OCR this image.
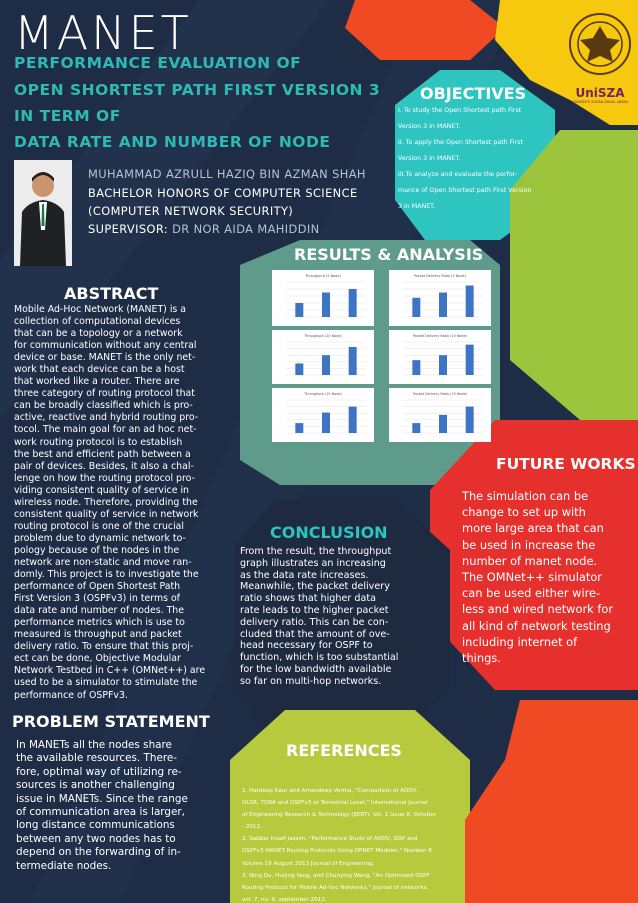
MANET
PERFORMANCE EVALUATION OF
OPEN SHORTEST PATH FIRST VERSION 3
IN TERM OF
DATA RATE AND NUMBER OF NODE
MUHAMMAD AZRULL HAZIQ BIN AZMAN SHAH
BACHELOR HONORS OF COMPUTER SCIENCE
(COMPUTER NETWORK SECURITY)
SUPERVISOR: DR NOR AIDA MAHIDDIN
UniSZA
UNIVERSITI SULTAN ZAINAL ABIDIN
OBJECTIVES
I. To study the Open Shortest path First
Version 3 in MANET.
II. To apply the Open Shortest path First
Version 3 in MANET.
III.To analyze and evaluate the perfor-
mance of Open Shortest path First Version
3 in MANET.
RESULTS & ANALYSIS
Throughput (5 Node)	Packet Delivery Ratio (5 Node)
Throughput (10 Node)	Packet Delivery Ratio (10 Node)
Throughput (15 Node)	Packet Delivery Ratio (15 Node)
ABSTRACT
Mobile Ad-Hoc Network (MANET) is a
collection of computational devices
that can be a topology or a network
for communication without any central
device or base. MANET is the only net-
work that each device can be a host
that worked like a router. There are
three category of routing protocol that
can be broadly classified which is pro-
active, reactive and hybrid routing pro-
tocol. The main goal for an ad hoc net-
work routing protocol is to establish
the best and efficient path between a
pair of devices. Besides, it also a chal-
lenge on how the routing protocol pro-
viding consistent quality of service in
wireless node. Therefore, providing the
consistent quality of service in network
routing protocol is one of the crucial
problem due to dynamic network to-
pology because of the nodes in the
network are non-static and move ran-
domly. This project is to investigate the
performance of Open Shortest Path
First Version 3 (OSPFv3) in terms of
data rate and number of nodes. The
performance metrics which is use to
measured is throughput and packet
delivery ratio. To ensure that this proj-
ect can be done, Objective Modular
Network Testbed in C++ (OMNet++) are
used to be a simulator to stimulate the
performance of OSPFv3.
PROBLEM STATEMENT
In MANETs all the nodes share
the available resources. There-
fore, optimal way of utilizing re-
sources is another challenging
issue in MANETs. Since the range
of communication area is larger,
long distance communications
between any two nodes has to
depend on the forwarding of in-
termediate nodes.
CONCLUSION
From the result, the throughput
graph illustrates an increasing
as the data rate increases.
Meanwhile, the packet delivery
ratio shows that higher data
rate leads to the higher packet
delivery ratio. This can be con-
cluded that the amount of ove-
head necessary for OSPF to
function, which is too substantial
for the low bandwidth available
so far on multi-hop networks.
FUTURE WORKS
The simulation can be
change to set up with
more large area that can
be used in increase the
number of manet node.
The OMNet++ simulator
can be used either wire-
less and wired network for
all kind of network testing
including internet of
things.
REFERENCES
1. Hardeep Kaur and Amandeep Verma, "Comparison of AODV,
OLSR, TORA and OSPFv3 at Terrestrial Level," International Journal
of Engineering Research & Technology (IJERT). Vol. 1 Issue 8, October
- 2012.
2. Sabbar Insaif Jassim, "Performance Study of AODV, GRP and
OSPFv3 MANET Routing Protocols Using OPNET Modeler," Number 8
Volume 19 August 2013 Journal of Engineering.
3. Ning Du, Huijing Yang, and Chunying Wang, "An Optimized OSPF
Routing Protocol for Mobile Ad-hoc Networks," journal of networks,
vol. 7, no. 9, september 2012.
